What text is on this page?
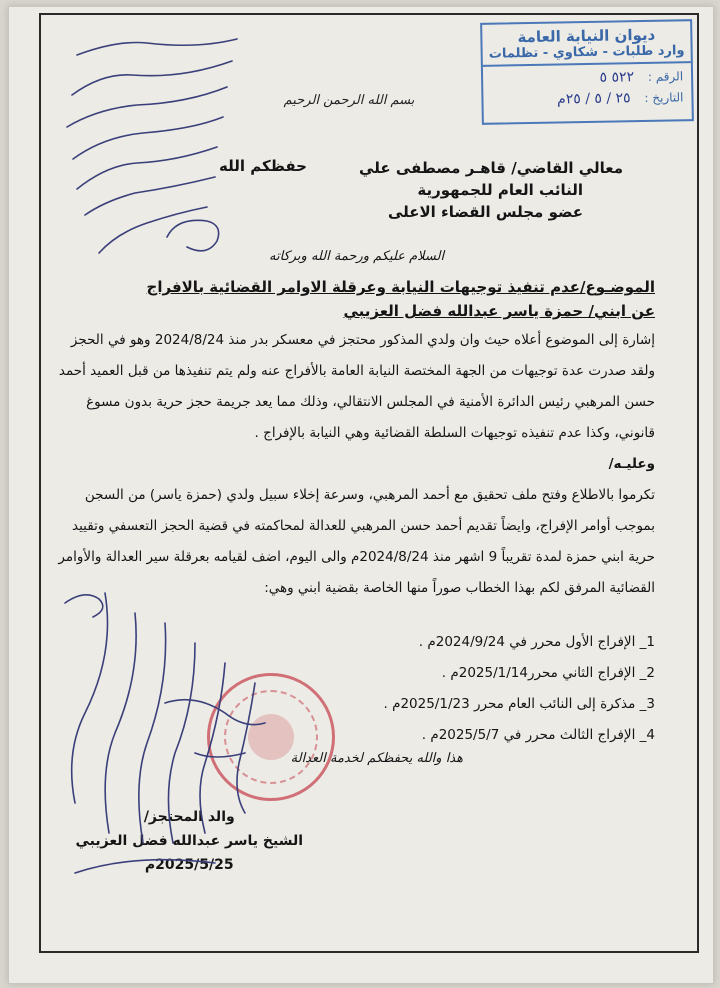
ديوان النيابة العامة
وارد طلبات - شكاوي - تظلمات
الرقم : ٥٢٢ ٥
التاريخ : ٢٥ / ٥ / ٢٥م
بسم الله الرحمن الرحيم
معالي القاضي/ قاهـر مصطفى علي
النائب العام للجمهورية
عضو مجلس القضاء الاعلى
حفظكم الله
السلام عليكم ورحمة الله وبركاته
الموضـوع/عدم تنفيذ توجيهات النيابة وعرقلة الاوامر القضائية بالافراج
عن ابني/ حمزة ياسر عبدالله فضل العزيبي

إشارة إلى الموضوع أعلاه حيث وان ولدي المذكور محتجز في معسكر بدر منذ 2024/8/24 وهو في الحجز ولقد صدرت عدة توجيهات من الجهة المختصة النيابة العامة بالأفراج عنه ولم يتم تنفيذها من قبل العميد أحمد حسن المرهبي رئيس الدائرة الأمنية في المجلس الانتقالي، وذلك مما يعد جريمة حجز حرية بدون مسوغ قانوني، وكذا عدم تنفيذه توجيهات السلطة القضائية وهي النيابة بالإفراج .

وعليـه/

تكرموا بالاطلاع وفتح ملف تحقيق مع أحمد المرهبي، وسرعة إخلاء سبيل ولدي (حمزة ياسر) من السجن بموجب أوامر الإفراج، وايضاً تقديم أحمد حسن المرهبي للعدالة لمحاكمته في قضية الحجز التعسفي وتقييد حرية ابني حمزة لمدة تقريباً 9 اشهر منذ 2024/8/24م والى اليوم، اضف لقيامه بعرقلة سير العدالة والأوامر القضائية المرفق لكم بهذا الخطاب صوراً منها الخاصة بقضية ابني وهي:

1_ الإفراج الأول محرر في 2024/9/24م .
2_ الإفراج الثاني محرر2025/1/14م .
3_ مذكرة إلى النائب العام محرر 2025/1/23م .
4_ الإفراج الثالث محرر في 2025/5/7م .
هذا والله يحفظكم لخدمة العدالة
والد المحتجز/
الشيخ ياسر عبدالله فضل العزيبي
2025/5/25م
